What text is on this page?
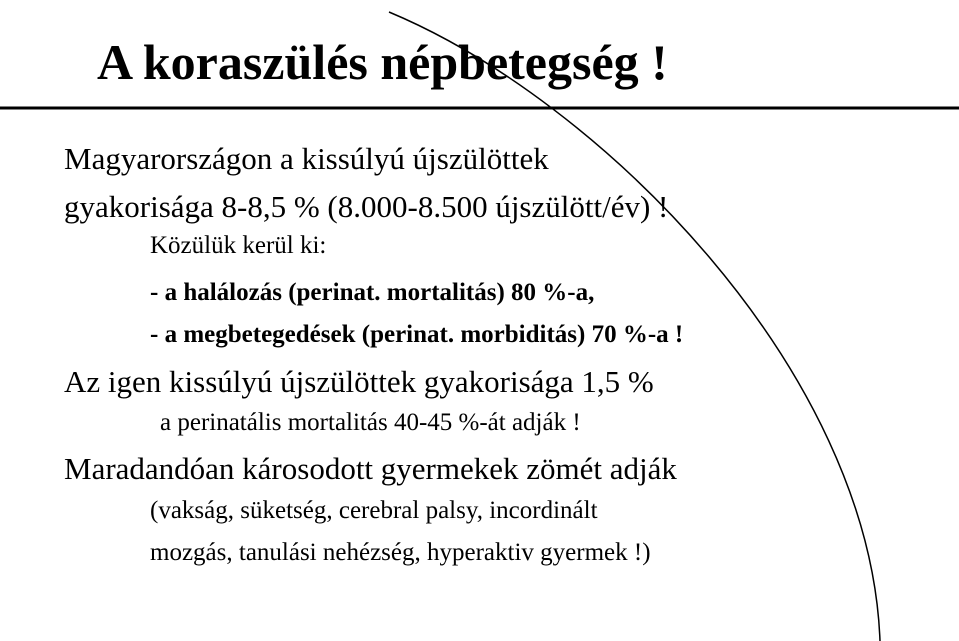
A koraszülés népbetegség !
Magyarországon a kissúlyú újszülöttek
gyakorisága 8-8,5 % (8.000-8.500 újszülött/év) !
Közülük kerül ki:
- a halálozás (perinat. mortalitás) 80 %-a,
- a megbetegedések (perinat. morbiditás) 70 %-a !
Az igen kissúlyú újszülöttek gyakorisága 1,5 %
a perinatális mortalitás 40-45 %-át adják !
Maradandóan károsodott gyermekek zömét adják
(vakság, süketség, cerebral palsy, incordinált
mozgás, tanulási nehézség, hyperaktiv gyermek !)
